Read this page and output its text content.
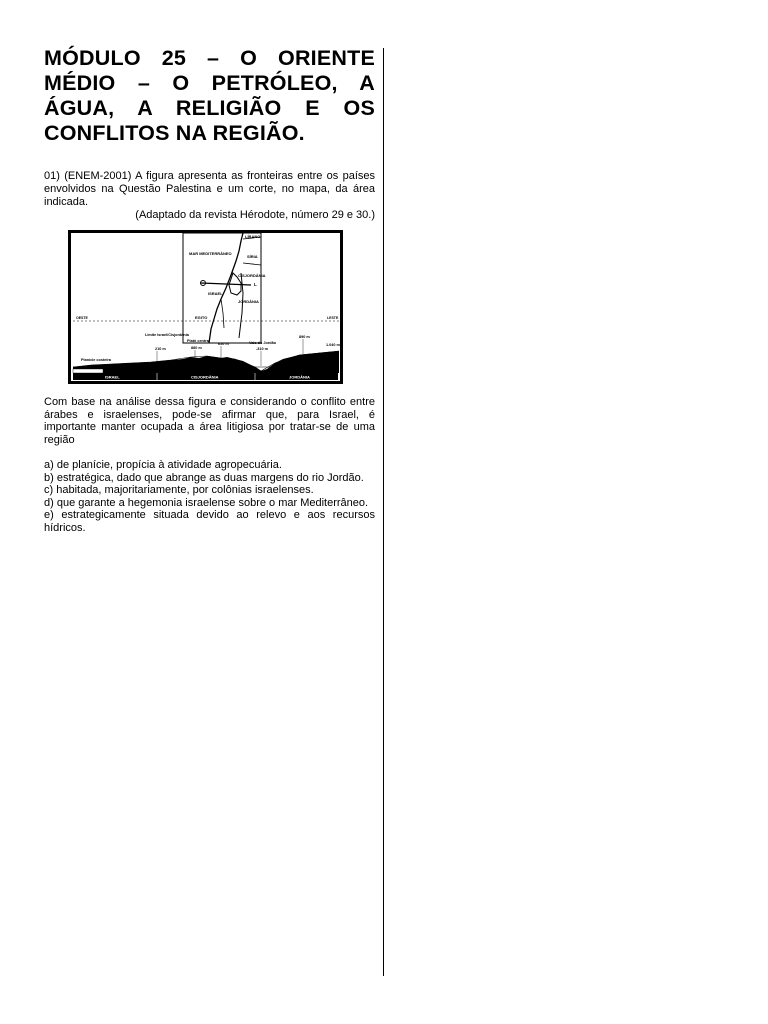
MÓDULO 25 – O ORIENTE MÉDIO – O PETRÓLEO, A ÁGUA, A RELIGIÃO E OS CONFLITOS NA REGIÃO.
01) (ENEM-2001) A figura apresenta as fronteiras entre os países envolvidos na Questão Palestina e um corte, no mapa, da área indicada.
(Adaptado da revista Hérodote, número 29 e 30.)
MAR MEDITERRÂNEO
LÍBANO
SÍRIA
CISJORDÂNIA
ISRAEL
JORDÂNIA
EGITO
L
OESTE	LESTE
Limite Israel/Cisjordânia
210 m
Platô central
880 m
650 m	Vale do Jordão
-310 m
890 m
1.040 m
Planície costeira
ISRAEL	CISJORDÂNIA	JORDÂNIA
Com base na análise dessa figura e considerando o conflito entre árabes e israelenses, pode-se afirmar que, para Israel, é importante manter ocupada a área litigiosa por tratar-se de uma região
a) de planície, propícia à atividade agropecuária.
b) estratégica, dado que abrange as duas margens do rio Jordão.
c) habitada, majoritariamente, por colônias israelenses.
d) que garante a hegemonia israelense sobre o mar Mediterrâneo.
e) estrategicamente situada devido ao relevo e aos recursos hídricos.
